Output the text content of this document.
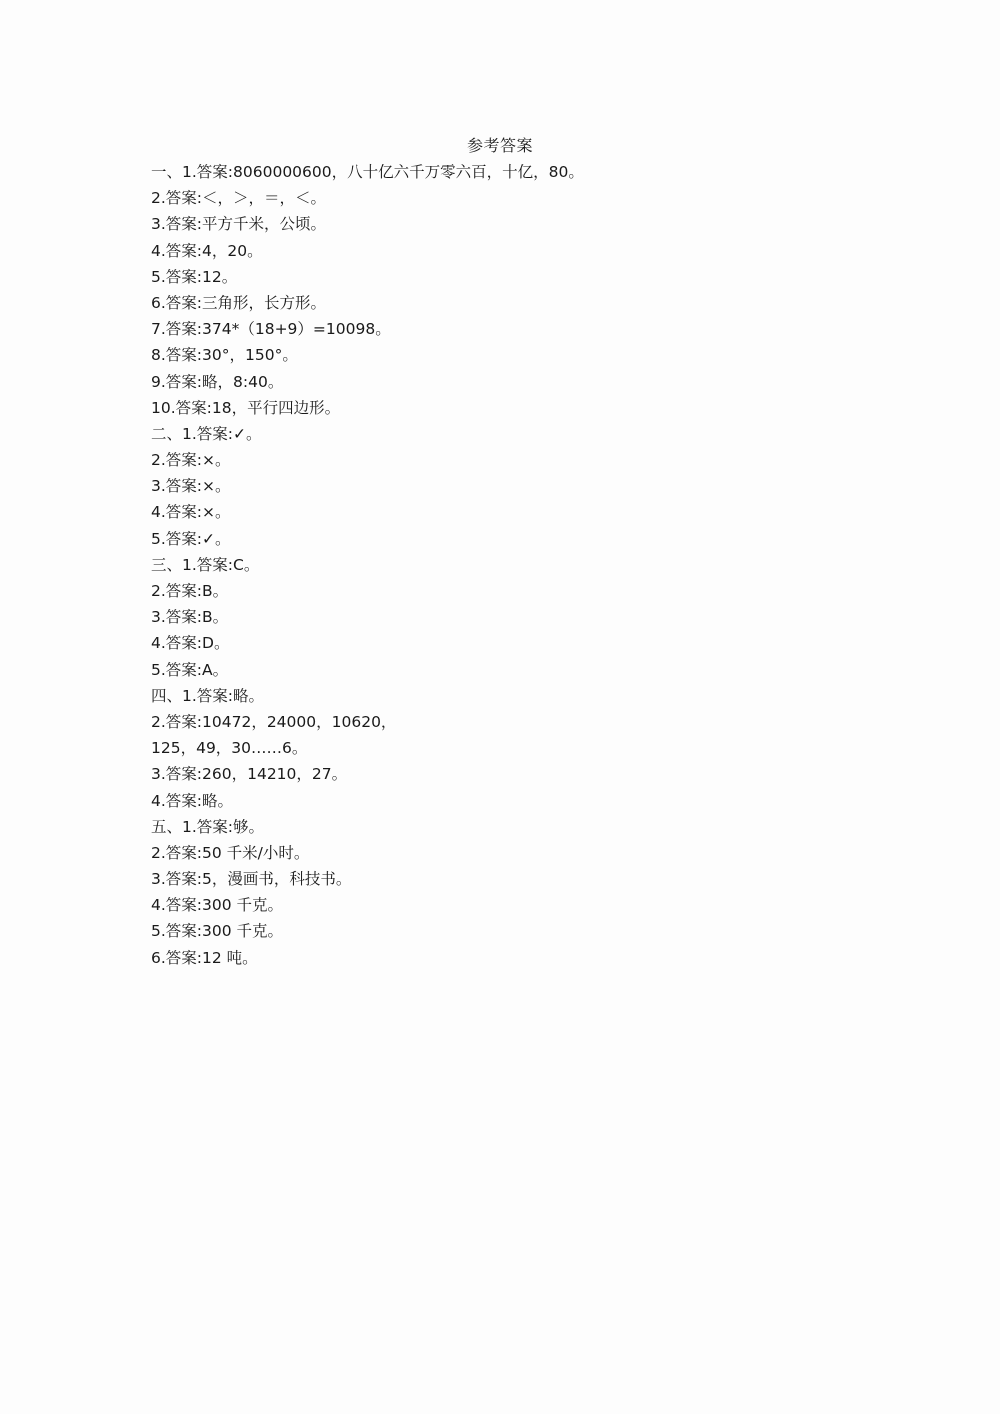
参考答案
一、1.答案:8060000600，八十亿六千万零六百，十亿，80。
2.答案:＜，＞，＝，＜。
3.答案:平方千米，公顷。
4.答案:4，20。
5.答案:12。
6.答案:三角形，长方形。
7.答案:374*（18+9）=10098。
8.答案:30°，150°。
9.答案:略，8:40。
10.答案:18，平行四边形。
二、1.答案:✓。
2.答案:×。
3.答案:×。
4.答案:×。
5.答案:✓。
三、1.答案:C。
2.答案:B。
3.答案:B。
4.答案:D。
5.答案:A。
四、1.答案:略。
2.答案:10472，24000，10620，
125，49，30……6。
3.答案:260，14210，27。
4.答案:略。
五、1.答案:够。
2.答案:50 千米/小时。
3.答案:5，漫画书，科技书。
4.答案:300 千克。
5.答案:300 千克。
6.答案:12 吨。
